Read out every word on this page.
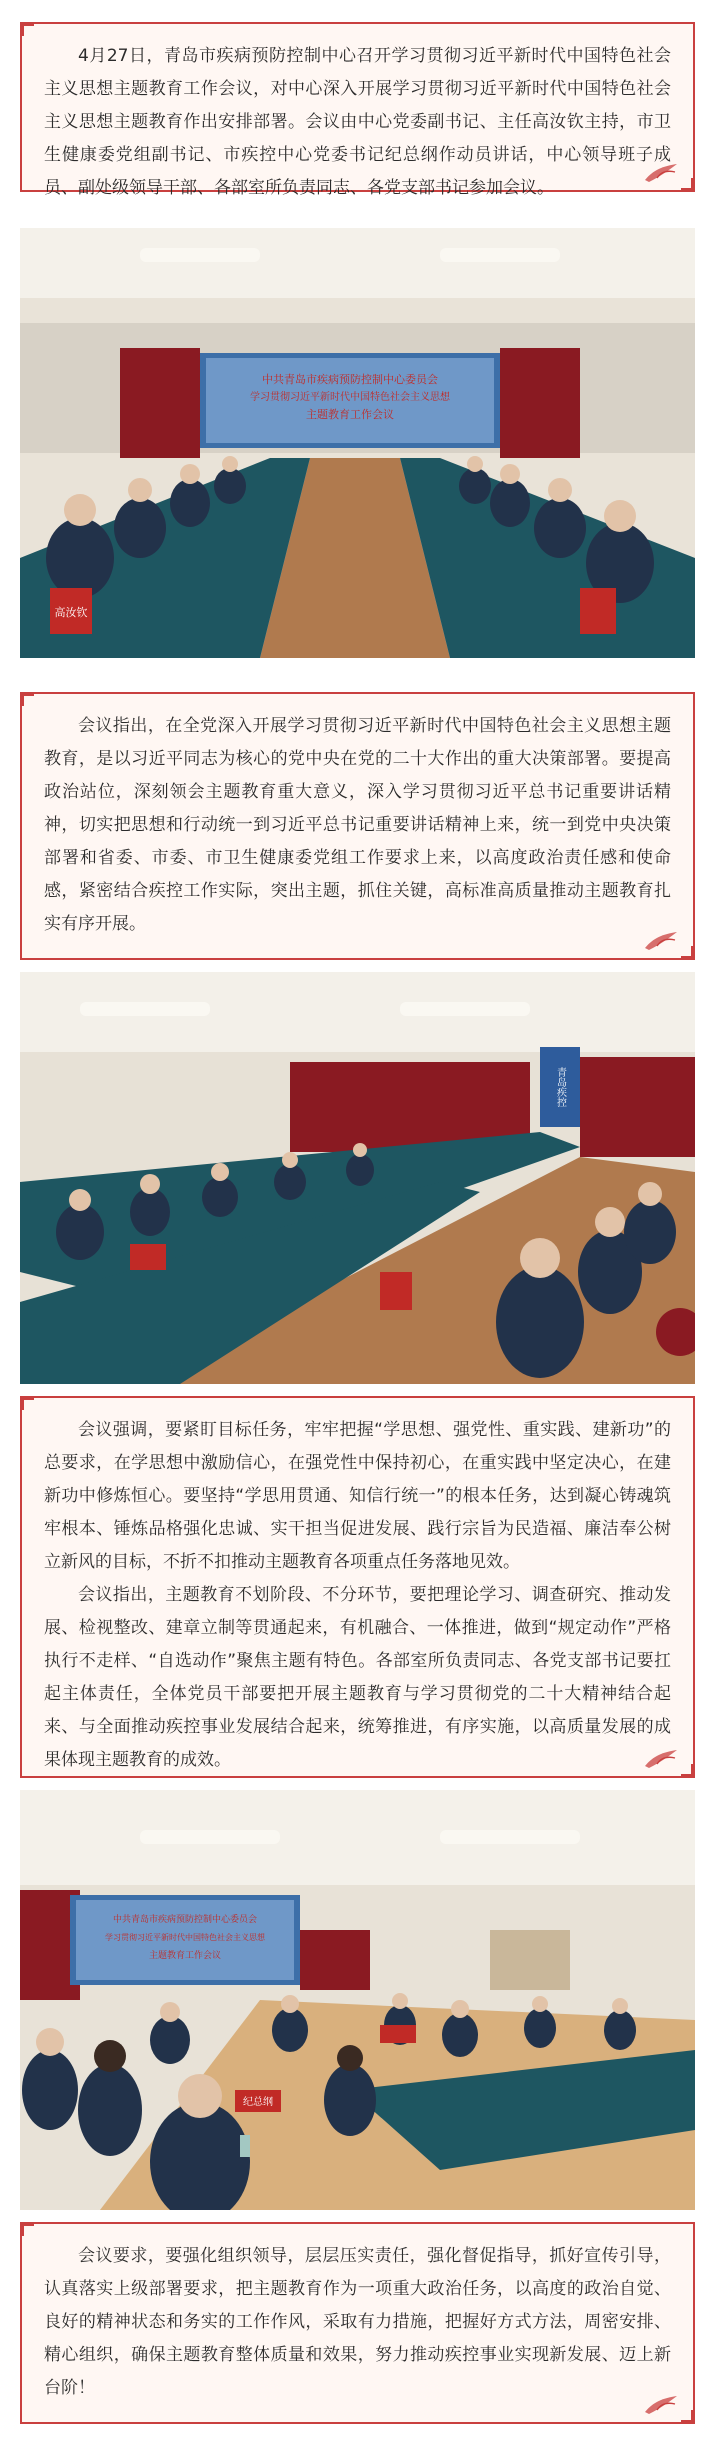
4月27日，青岛市疾病预防控制中心召开学习贯彻习近平新时代中国特色社会主义思想主题教育工作会议，对中心深入开展学习贯彻习近平新时代中国特色社会主义思想主题教育作出安排部署。会议由中心党委副书记、主任高汝钦主持，市卫生健康委党组副书记、市疾控中心党委书记纪总纲作动员讲话，中心领导班子成员、副处级领导干部、各部室所负责同志、各党支部书记参加会议。

中共青岛市疾病预防控制中心委员会
学习贯彻习近平新时代中国特色社会主义思想
主题教育工作会议
高汝钦

会议指出，在全党深入开展学习贯彻习近平新时代中国特色社会主义思想主题教育，是以习近平同志为核心的党中央在党的二十大作出的重大决策部署。要提高政治站位，深刻领会主题教育重大意义，深入学习贯彻习近平总书记重要讲话精神，切实把思想和行动统一到习近平总书记重要讲话精神上来，统一到党中央决策部署和省委、市委、市卫生健康委党组工作要求上来，以高度政治责任感和使命感，紧密结合疾控工作实际，突出主题，抓住关键，高标准高质量推动主题教育扎实有序开展。

青岛疾控

会议强调，要紧盯目标任务，牢牢把握“学思想、强党性、重实践、建新功”的总要求，在学思想中激励信心，在强党性中保持初心，在重实践中坚定决心，在建新功中修炼恒心。要坚持“学思用贯通、知信行统一”的根本任务，达到凝心铸魂筑牢根本、锤炼品格强化忠诚、实干担当促进发展、践行宗旨为民造福、廉洁奉公树立新风的目标，不折不扣推动主题教育各项重点任务落地见效。

会议指出，主题教育不划阶段、不分环节，要把理论学习、调查研究、推动发展、检视整改、建章立制等贯通起来，有机融合、一体推进，做到“规定动作”严格执行不走样、“自选动作”聚焦主题有特色。各部室所负责同志、各党支部书记要扛起主体责任，全体党员干部要把开展主题教育与学习贯彻党的二十大精神结合起来、与全面推动疾控事业发展结合起来，统筹推进，有序实施，以高质量发展的成果体现主题教育的成效。

中共青岛市疾病预防控制中心委员会
学习贯彻习近平新时代中国特色社会主义思想
主题教育工作会议
纪总纲

会议要求，要强化组织领导，层层压实责任，强化督促指导，抓好宣传引导，认真落实上级部署要求，把主题教育作为一项重大政治任务，以高度的政治自觉、良好的精神状态和务实的工作作风，采取有力措施，把握好方式方法，周密安排、精心组织，确保主题教育整体质量和效果，努力推动疾控事业实现新发展、迈上新台阶！
